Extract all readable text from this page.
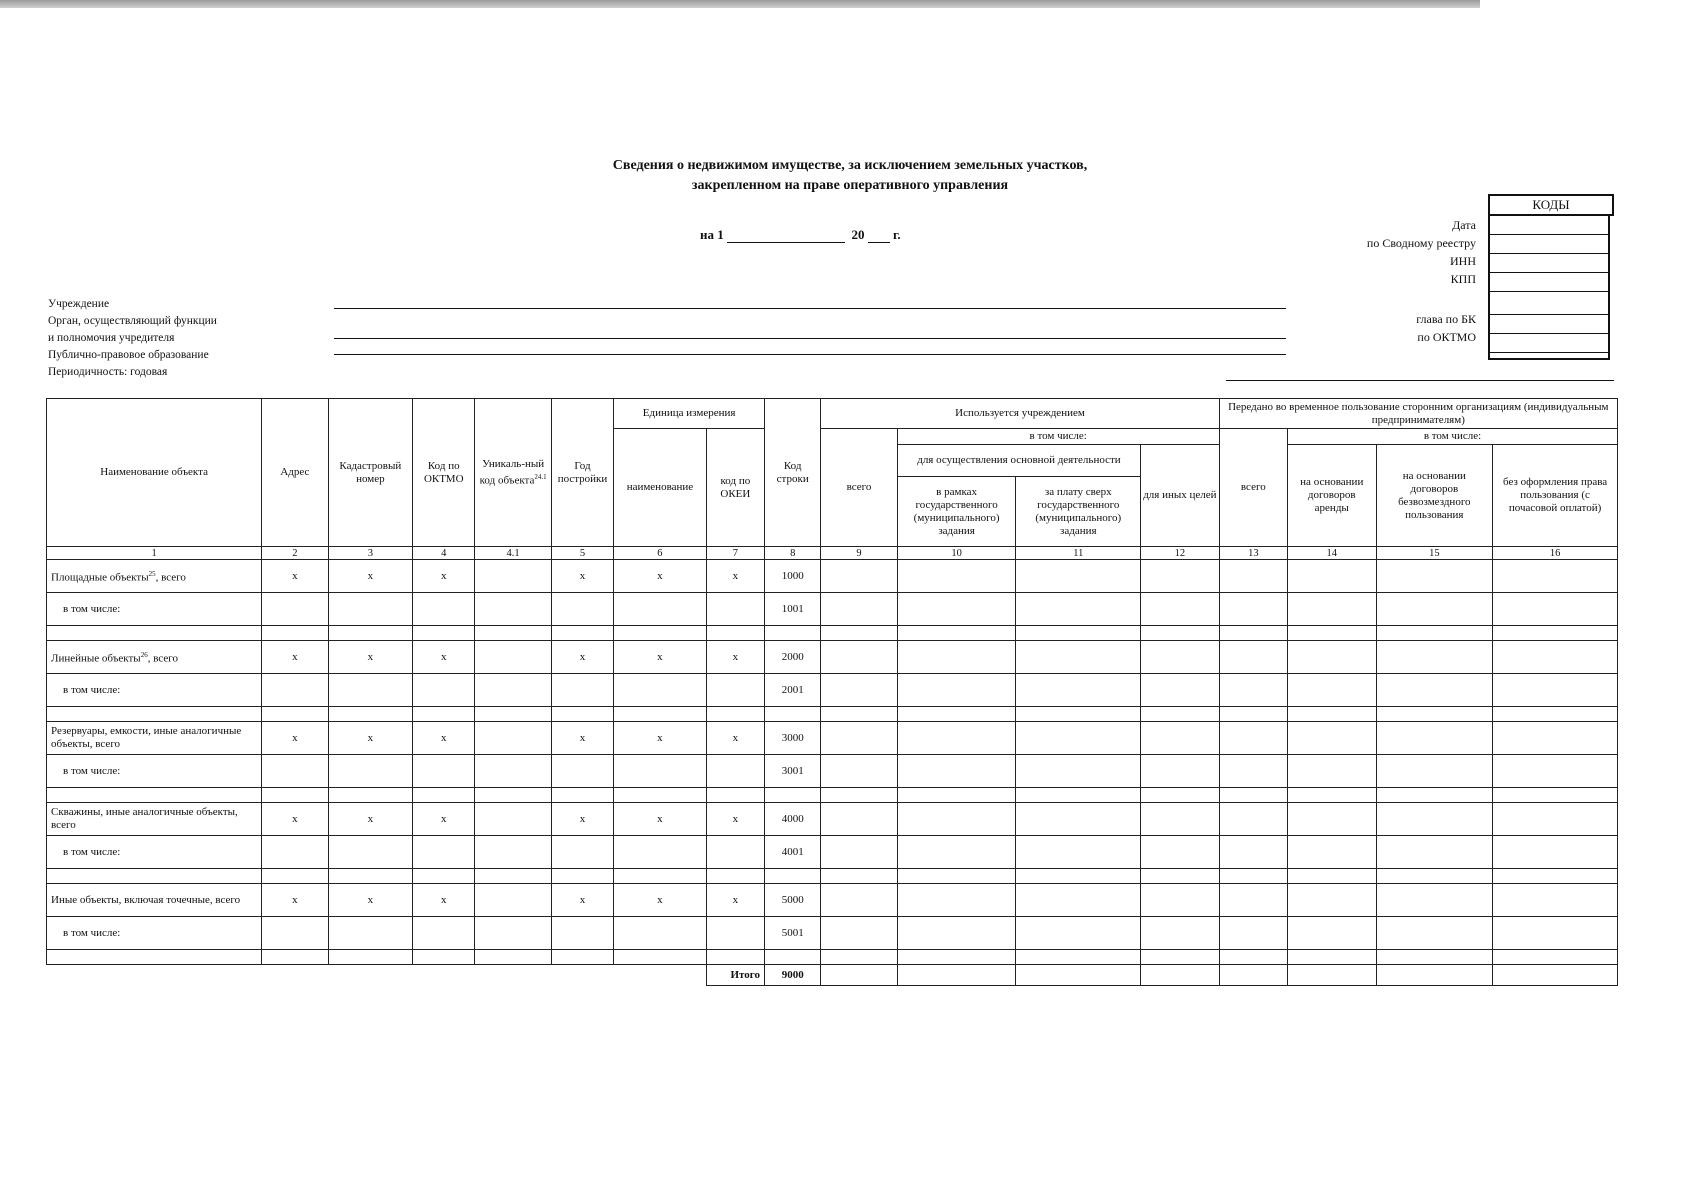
Сведения о недвижимом имуществе, за исключением земельных участков,
закрепленном на праве оперативного управления
на 1	20 г.
КОДЫ
Дата
по Сводному реестру
ИНН
КПП
глава по БК
по ОКТМО
Учреждение
Орган, осуществляющий функции
и полномочия учредителя
Публично-правовое образование
Периодичность: годовая
Наименование объекта	Адрес	Кадастровый номер	Код по ОКТМО	Уникаль-ный код объекта$^{24.1}$	Год постройки	Единица измерения		Код строки	Используется учреждением				Передано во временное пользование сторонним организациям (индивидуальным предпринимателям)			
						наименование	код по ОКЕИ		всего	в том числе:			всего	в том числе:		
										для осуществления основной деятельности		для иных целей		на основании договоров аренды	на основании договоров безвозмездного пользования	без оформления права пользования (с почасовой оплатой)
										в рамках государственного (муниципального) задания	за плату сверх государственного (муниципального) задания					
1	2	3	4	4.1	5	6	7	8	9	10	11	12	13	14	15	16
Площадные объекты$^{25}$, всего	x	x	x		x	x	x	1000								
в том числе:								1001								

Линейные объекты$^{26}$, всего	x	x	x		x	x	x	2000								
в том числе:								2001								

Резервуары, емкости, иные аналогичные объекты, всего	x	x	x		x	x	x	3000								
в том числе:								3001								

Скважины, иные аналогичные объекты, всего	x	x	x		x	x	x	4000								
в том числе:								4001								

Иные объекты, включая точечные, всего	x	x	x		x	x	x	5000								
в том числе:								5001								

							Итого	9000								
